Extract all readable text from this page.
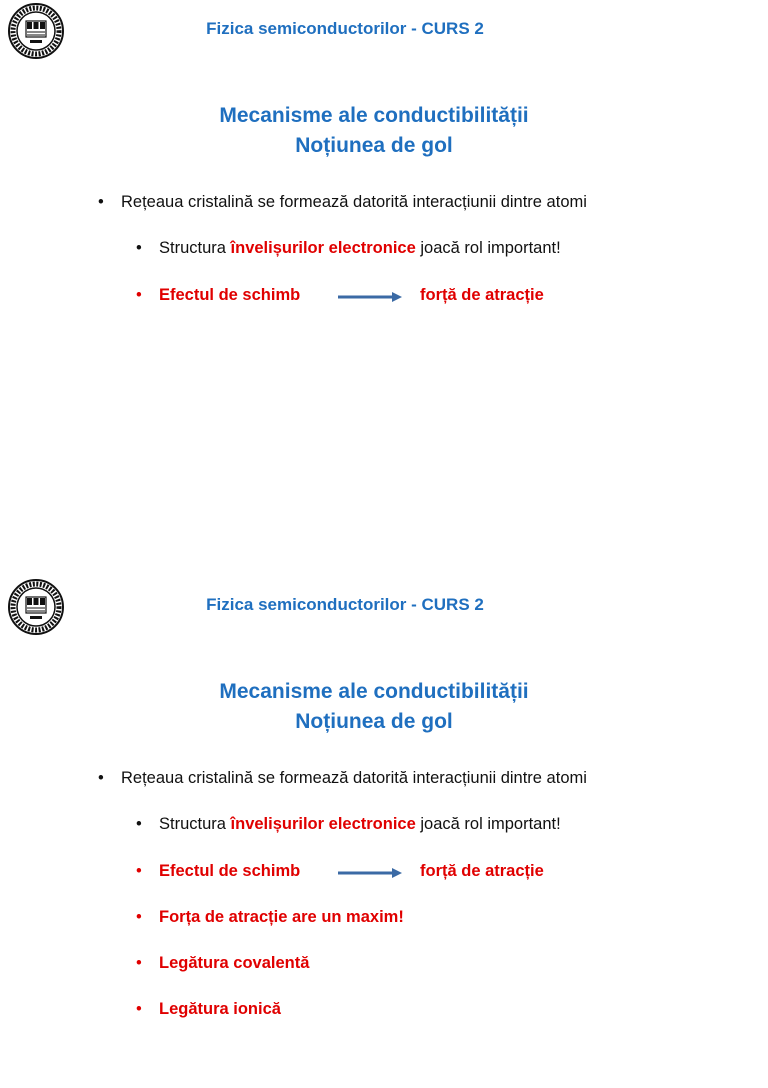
Fizica semiconductorilor - CURS 2
Mecanisme ale conductibilității
Noțiunea de gol
• Rețeaua cristalină se formează datorită interacțiunii dintre atomi
• Structura învelișurilor electronice joacă rol important!
• Efectul de schimb	forță de atracție
Fizica semiconductorilor - CURS 2
Mecanisme ale conductibilității
Noțiunea de gol
• Rețeaua cristalină se formează datorită interacțiunii dintre atomi
• Structura învelișurilor electronice joacă rol important!
• Efectul de schimb	forță de atracție
• Forța de atracție are un maxim!
• Legătura covalentă
• Legătura ionică
